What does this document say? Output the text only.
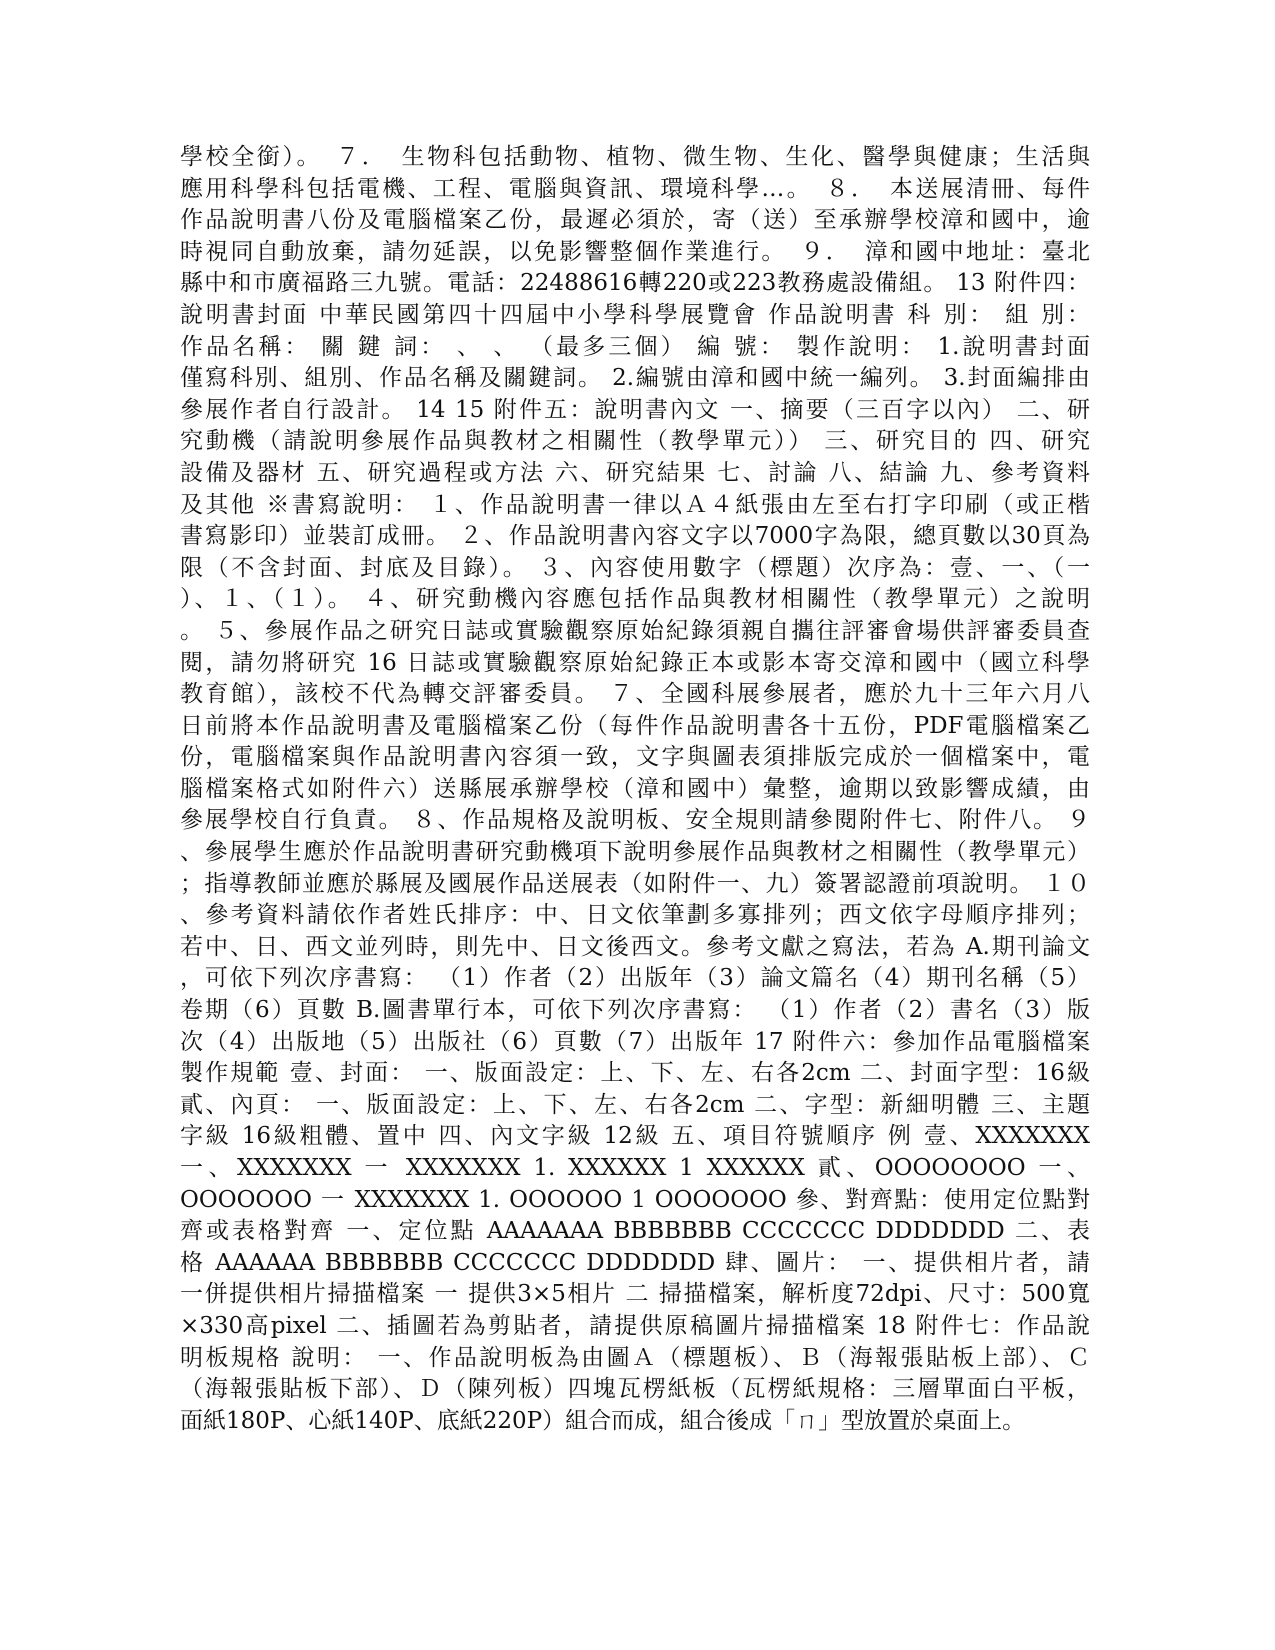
學校全銜）。　７．　生物科包括動物、植物、微生物、生化、醫學與健康；生活與
應用科學科包括電機、工程、電腦與資訊、環境科學…。　８．　本送展清冊、每件
作品說明書八份及電腦檔案乙份，最遲必須於，寄（送）至承辦學校漳和國中，逾
時視同自動放棄，請勿延誤，以免影響整個作業進行。　９．　漳和國中地址：臺北
縣中和市廣福路三九號。電話：22488616轉220或223教務處設備組。 13 附件四：
說明書封面 中華民國第四十四屆中小學科學展覽會 作品說明書 科 別： 組 別：
作品名稱： 關 鍵 詞： 、 、 （最多三個） 編 號： 製作說明： 1.說明書封面
僅寫科別、組別、作品名稱及關鍵詞。 2.編號由漳和國中統一編列。 3.封面編排由
參展作者自行設計。 14 15 附件五：說明書內文 一、摘要（三百字以內） 二、研
究動機（請說明參展作品與教材之相關性（教學單元）） 三、研究目的 四、研究
設備及器材 五、研究過程或方法 六、研究結果 七、討論 八、結論 九、參考資料
及其他 ※書寫說明： １、作品說明書一律以Ａ４紙張由左至右打字印刷（或正楷
書寫影印）並裝訂成冊。 ２、作品說明書內容文字以7000字為限，總頁數以30頁為
限（不含封面、封底及目錄）。 ３、內容使用數字（標題）次序為：壹、一、（一
）、１、（１）。 ４、研究動機內容應包括作品與教材相關性（教學單元）之說明
。 ５、參展作品之研究日誌或實驗觀察原始紀錄須親自攜往評審會場供評審委員查
閱，請勿將研究 16 日誌或實驗觀察原始紀錄正本或影本寄交漳和國中（國立科學
教育館），該校不代為轉交評審委員。 ７、全國科展參展者，應於九十三年六月八
日前將本作品說明書及電腦檔案乙份（每件作品說明書各十五份，PDF電腦檔案乙
份，電腦檔案與作品說明書內容須一致，文字與圖表須排版完成於一個檔案中，電
腦檔案格式如附件六）送縣展承辦學校（漳和國中）彙整，逾期以致影響成績，由
參展學校自行負責。 ８、作品規格及說明板、安全規則請參閱附件七、附件八。 ９
、參展學生應於作品說明書研究動機項下說明參展作品與教材之相關性（教學單元）
；指導教師並應於縣展及國展作品送展表（如附件一、九）簽署認證前項說明。 １０
、參考資料請依作者姓氏排序：中、日文依筆劃多寡排列；西文依字母順序排列；
若中、日、西文並列時，則先中、日文後西文。參考文獻之寫法，若為 A.期刊論文
，可依下列次序書寫： （1）作者（2）出版年（3）論文篇名（4）期刊名稱（5）
卷期（6）頁數 B.圖書單行本，可依下列次序書寫： （1）作者（2）書名（3）版
次（4）出版地（5）出版社（6）頁數（7）出版年 17 附件六：參加作品電腦檔案
製作規範 壹、封面： 一、版面設定：上、下、左、右各2cm 二、封面字型：16級
貳、內頁： 一、版面設定：上、下、左、右各2cm 二、字型：新細明體 三、主題
字級 16級粗體、置中 四、內文字級 12級 五、項目符號順序 例 壹、XXXXXXX
一、XXXXXXX 一 XXXXXXX 1. XXXXXX 1 XXXXXX 貳、OOOOOOOO 一、
OOOOOOO 一 XXXXXXX 1. OOOOOO 1 OOOOOOO 參、對齊點：使用定位點對
齊或表格對齊 一、定位點 AAAAAAA BBBBBBB CCCCCCC DDDDDDD 二、表
格 AAAAAA BBBBBBB CCCCCCC DDDDDDD 肆、圖片： 一、提供相片者，請
一併提供相片掃描檔案 一 提供3×5相片 二 掃描檔案，解析度72dpi、尺寸：500寬
×330高pixel 二、插圖若為剪貼者，請提供原稿圖片掃描檔案 18 附件七：作品說
明板規格 說明： 一、作品說明板為由圖Ａ（標題板）、Ｂ（海報張貼板上部）、Ｃ
（海報張貼板下部）、Ｄ（陳列板）四塊瓦楞紙板（瓦楞紙規格：三層單面白平板，
面紙180P、心紙140P、底紙220P）組合而成，組合後成「ㄇ」型放置於桌面上。
